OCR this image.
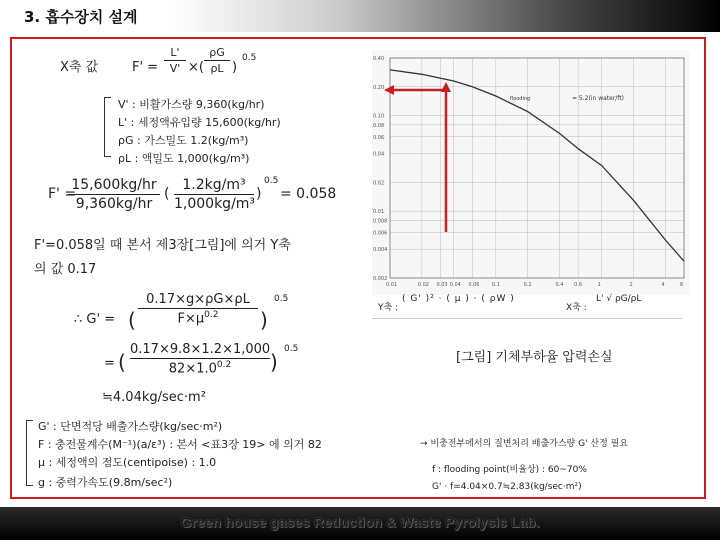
3. 흡수장치 설계
X축 값	F' =
L'
V' ×(
ρG
ρL )
0.5
V' : 비활가스량 9,360(kg/hr)
L' : 세정액유입량 15,600(kg/hr)
ρG : 가스밀도 1.2(kg/m³)
ρL : 액밀도 1,000(kg/m³)
F' =
15,600kg/hr
9,360kg/hr
(
1.2kg/m³
1,000kg/m³
)
0.5
= 0.058
F'=0.058일 때 본서 제3장[그림]에 의거 Y축
의 값 0.17
∴ G' = (
0.17×g×ρG×ρL
$F\times\mu^{0.2}$	)
0.5
= (
0.17×9.8×1.2×1,000
$82\times 1.0^{0.2}$	)
0.5
≒4.04kg/sec·m²
G' : 단면적당 배출가스량(kg/sec·m²)
F : 충전물계수(M⁻¹)(a/ε³) : 본서 <표3장 19> 에 의거 82
μ : 세정액의 점도(centipoise) : 1.0
g : 중력가속도(9.8m/sec²)
0.40
0.20
0.10
0.08
0.06
0.04
0.02
0.01
0.008
0.006
0.004
0.002
0.01	0.02 0.03 0.04 0.06 0.1	0.2	0.4 0.6	1	2	4	6
flooding	= 5.2(in water/ft)
Y축 :
( G' )² · ( μ ) · ( ρW )
X축 :
L' √ ρG/ρL
[그림] 기체부하율 압력손실
→ 비충전부에서의 질변처리 배출가스량 G' 산정 필요
f : flooding point(비율상) : 60~70%
G' · f=4.04×0.7≒2.83(kg/sec·m²)
Green house gases Reduction & Waste Pyrolysis Lab.
